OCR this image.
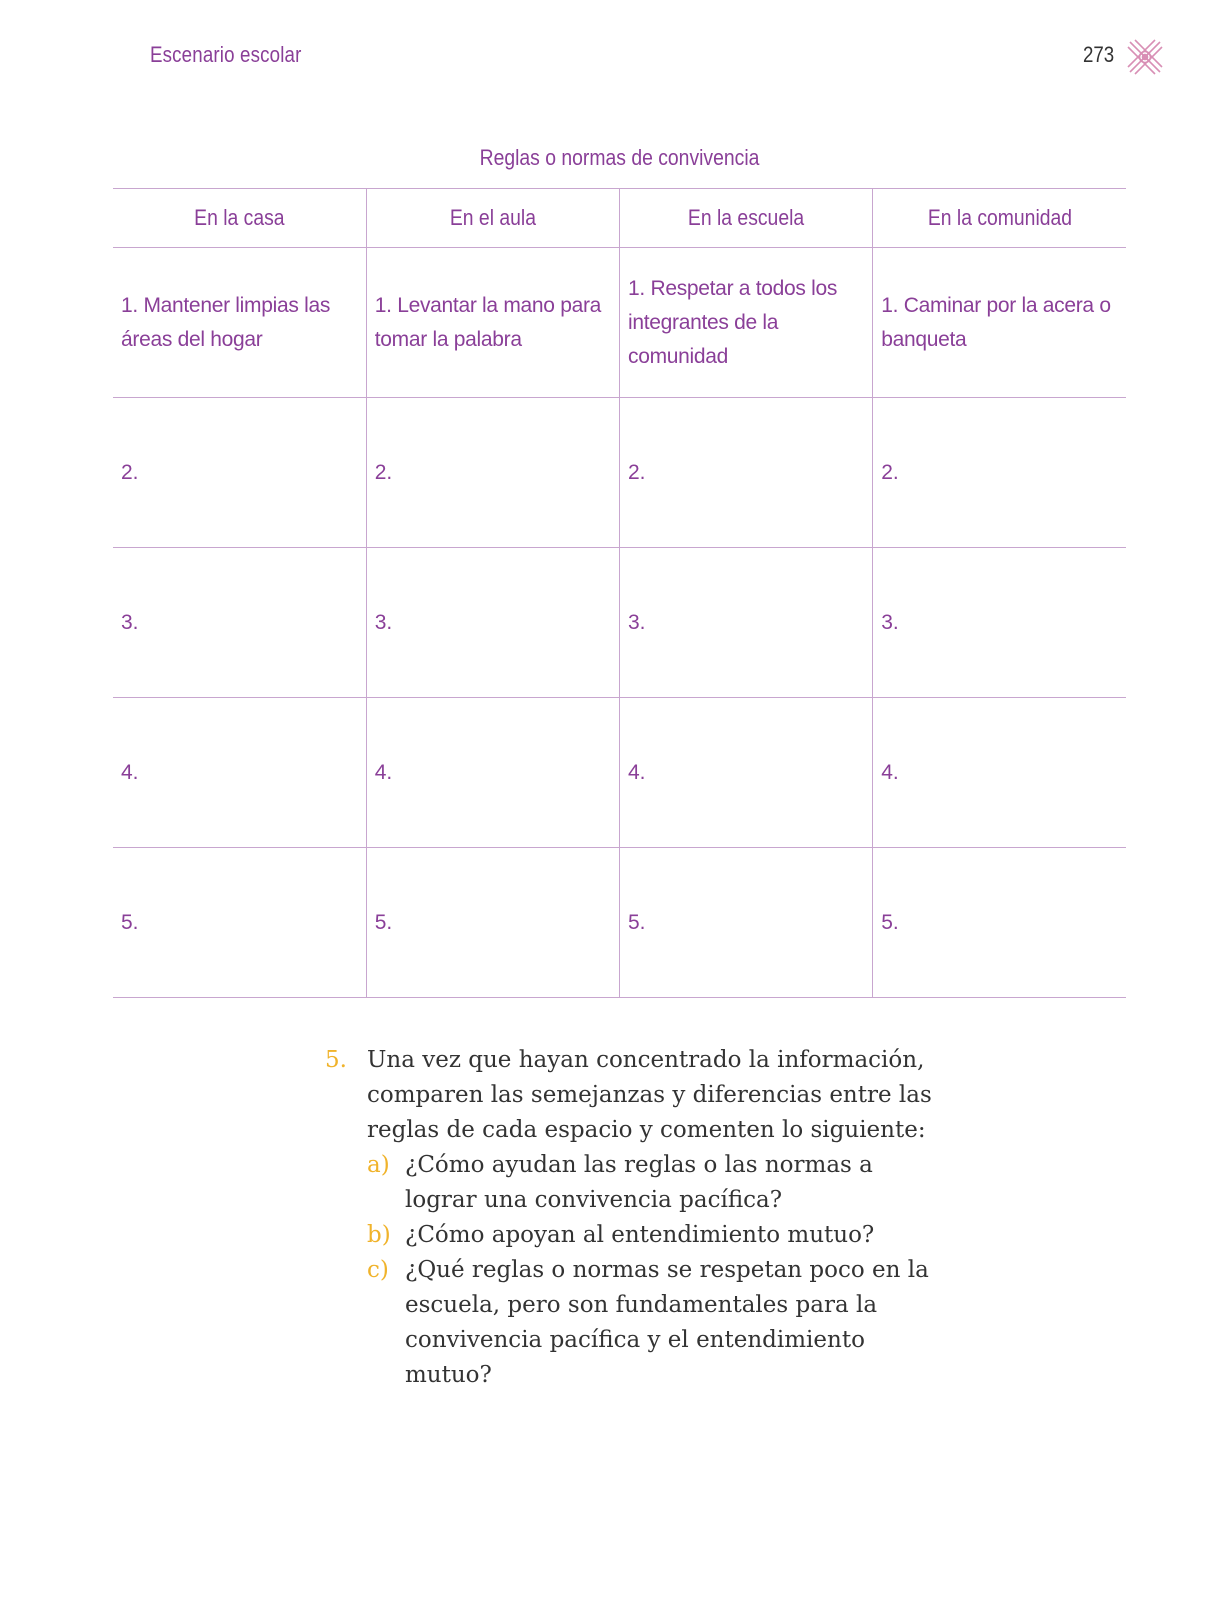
Escenario escolar	273
Reglas o normas de convivencia
En la casa	En el aula	En la escuela	En la comunidad

1. Mantener limpias las áreas del hogar	1. Levantar la mano para tomar la palabra	1. Respetar a todos los integrantes de la comunidad	1. Caminar por la acera o banqueta

2.	2.	2.	2.

3.	3.	3.	3.

4.	4.	4.	4.

5.	5.	5.	5.
5. Una vez que hayan concentrado la información, comparen las semejanzas y diferencias entre las reglas de cada espacio y comenten lo siguiente:
a) ¿Cómo ayudan las reglas o las normas a lograr una convivencia pacífica?
b) ¿Cómo apoyan al entendimiento mutuo?
c) ¿Qué reglas o normas se respetan poco en la escuela, pero son fundamentales para la convivencia pacífica y el entendimiento mutuo?
